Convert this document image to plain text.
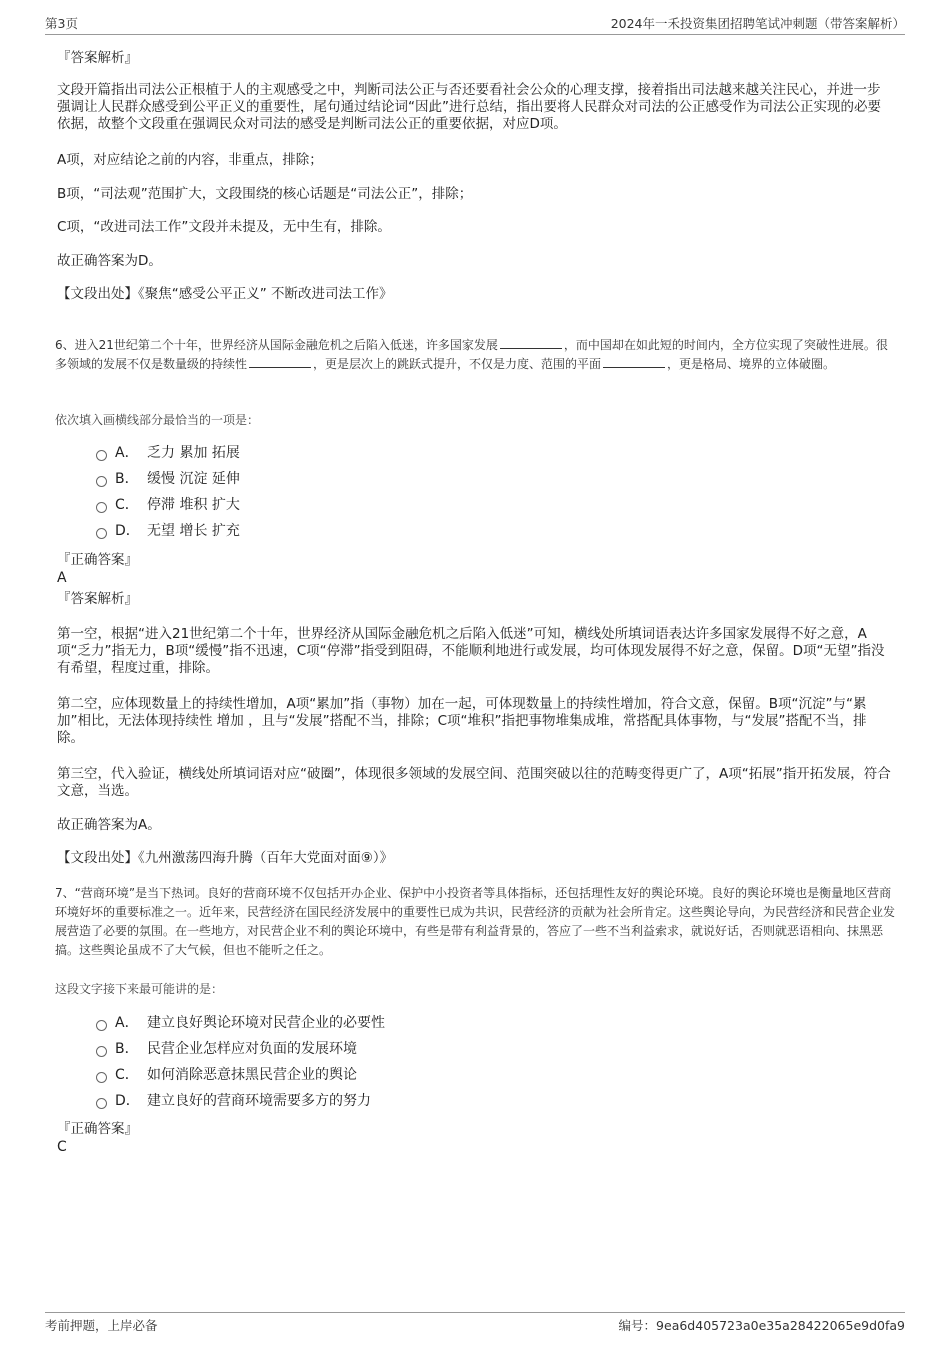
第3页	2024年一禾投资集团招聘笔试冲刺题（带答案解析）
『答案解析』

文段开篇指出司法公正根植于人的主观感受之中，判断司法公正与否还要看社会公众的心理支撑，接着指出司法越来越关注民心，并进一步强调让人民群众感受到公平正义的重要性，尾句通过结论词“因此”进行总结，指出要将人民群众对司法的公正感受作为司法公正实现的必要依据，故整个文段重在强调民众对司法的感受是判断司法公正的重要依据，对应D项。

A项，对应结论之前的内容，非重点，排除；

B项，“司法观”范围扩大，文段围绕的核心话题是“司法公正”，排除；

C项，“改进司法工作”文段并未提及，无中生有，排除。

故正确答案为D。

【文段出处】《聚焦“感受公平正义” 不断改进司法工作》

6、进入21世纪第二个十年，世界经济从国际金融危机之后陷入低迷，许多国家发展	，而中国却在如此短的时间内，全方位实现了突破性进展。很多领域的发展不仅是数量级的持续性	，更是层次上的跳跃式提升，不仅是力度、范围的平面	，更是格局、境界的立体破圈。

依次填入画横线部分最恰当的一项是：
A． 乏力 累加 拓展
B． 缓慢 沉淀 延伸
C． 停滞 堆积 扩大
D． 无望 增长 扩充
『正确答案』
A
『答案解析』

第一空，根据“进入21世纪第二个十年，世界经济从国际金融危机之后陷入低迷”可知，横线处所填词语表达许多国家发展得不好之意，A项“乏力”指无力，B项“缓慢”指不迅速，C项“停滞”指受到阻碍，不能顺利地进行或发展，均可体现发展得不好之意，保留。D项“无望”指没有希望，程度过重，排除。

第二空，应体现数量上的持续性增加，A项“累加”指（事物）加在一起，可体现数量上的持续性增加，符合文意，保留。B项“沉淀”与“累加”相比，无法体现持续性 增加 ，且与“发展”搭配不当，排除；C项“堆积”指把事物堆集成堆，常搭配具体事物，与“发展”搭配不当，排除。

第三空，代入验证，横线处所填词语对应“破圈”，体现很多领域的发展空间、范围突破以往的范畴变得更广了，A项“拓展”指开拓发展，符合文意，当选。

故正确答案为A。

【文段出处】《九州激荡四海升腾（百年大党面对面⑨）》

7、“营商环境”是当下热词。良好的营商环境不仅包括开办企业、保护中小投资者等具体指标，还包括理性友好的舆论环境。良好的舆论环境也是衡量地区营商环境好坏的重要标准之一。近年来，民营经济在国民经济发展中的重要性已成为共识，民营经济的贡献为社会所肯定。这些舆论导向，为民营经济和民营企业发展营造了必要的氛围。在一些地方，对民营企业不利的舆论环境中，有些是带有利益背景的，答应了一些不当利益索求，就说好话，否则就恶语相向、抹黑恶搞。这些舆论虽成不了大气候，但也不能听之任之。

这段文字接下来最可能讲的是：
A． 建立良好舆论环境对民营企业的必要性
B． 民营企业怎样应对负面的发展环境
C． 如何消除恶意抹黑民营企业的舆论
D． 建立良好的营商环境需要多方的努力
『正确答案』
C
考前押题，上岸必备	编号：9ea6d405723a0e35a28422065e9d0fa9
